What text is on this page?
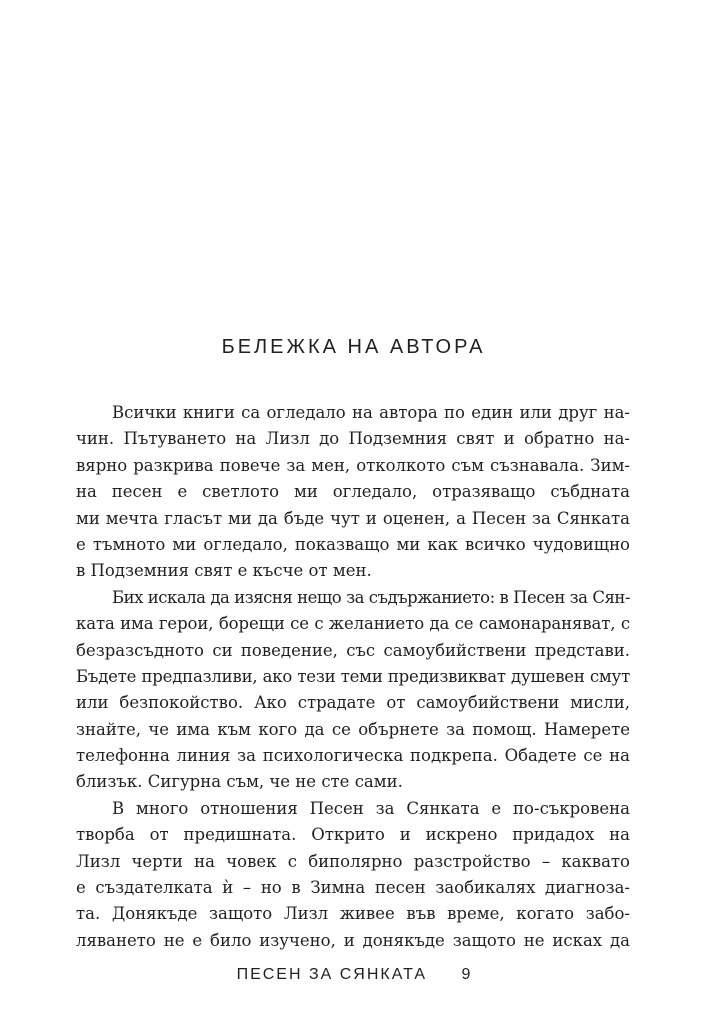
БЕЛЕЖКА НА АВТОРА
Всички книги са огледало на автора по един или друг на-
чин. Пътуването на Лизл до Подземния свят и обратно на-
вярно разкрива повече за мен, отколкото съм съзнавала. Зим-
на песен е светлото ми огледало, отразяващо събдната
ми мечта гласът ми да бъде чут и оценен, а Песен за Сянката
е тъмното ми огледало, показващо ми как всичко чудовищно
в Подземния свят е късче от мен.
Бих искала да изясня нещо за съдържанието: в Песен за Сян-
ката има герои, борещи се с желанието да се самонараняват, с
безразсъдното си поведение, със самоубийствени представи.
Бъдете предпазливи, ако тези теми предизвикват душевен смут
или безпокойство. Ако страдате от самоубийствени мисли,
знайте, че има към кого да се обърнете за помощ. Намерете
телефонна линия за психологическа подкрепа. Обадете се на
близък. Сигурна съм, че не сте сами.
В много отношения Песен за Сянката е по-съкровена
творба от предишната. Открито и искрено придадох на
Лизл черти на човек с биполярно разстройство – каквато
е създателката ѝ – но в Зимна песен заобикалях диагноза-
та. Донякъде защото Лизл живее във време, когато забо-
ляването не е било изучено, и донякъде защото не исках да
ПЕСЕН ЗА СЯНКАТА 9
